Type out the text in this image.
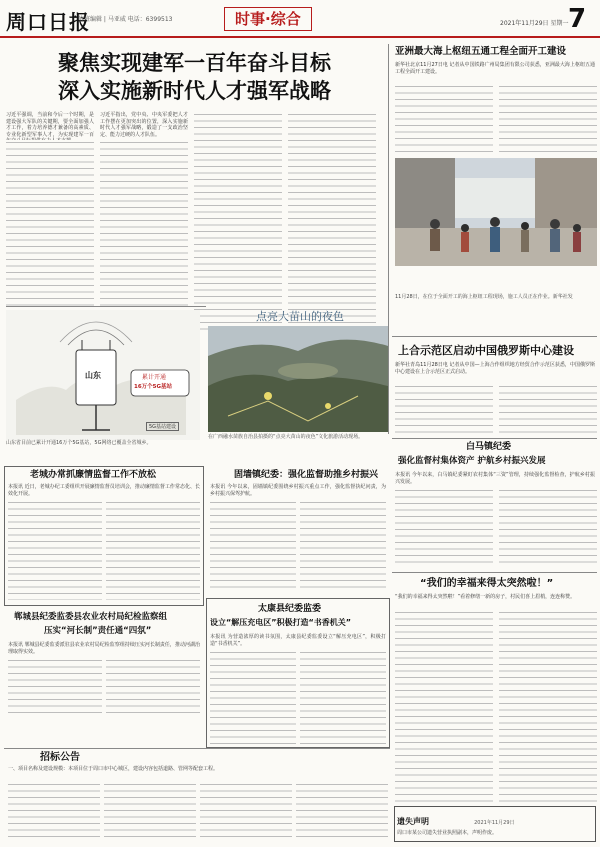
周口日报
值班编辑 | 马亚威 电话：6399513	时事·综合	2021年11月29日 星期一 7
聚焦实现建军一百年奋斗目标
深入实施新时代人才强军战略
习近平强调，当前和今后一个时期，是建设强大军队的关键期，要全面加强人才工作，着力培养德才兼备的高素质、专业化新型军事人才，为实现建军一百
习近平指出，党中央、中央军委把人才工作摆在更加突出的位置，深入实施新时代人才强军战略，锻造了一支政治坚定、能力过硬的人才队伍。
亚洲最大海上枢纽五通工程全面开工建设
新华社北京11月27日电 记者从中国铁路广州局集团有限公司获悉，亚洲最大海上枢纽五通工程全面开工建设。
11月28日，在位于全面开工的海上枢纽工程现场，施工人员正在作业。新华社发
山东	累计开通
16万个5G基站
5G基站建设
山东省目前已累计开通16万个5G基站，5G网络已覆盖全省城乡。
点亮大苗山的夜色
在广西融水苗族自治县拍摄的“点亮大苗山的夜色”文化旅游活动现场。
上合示范区启动中国俄罗斯中心建设
新华社青岛11月28日电 记者从中国—上海合作组织地方经贸合作示范区获悉，中国俄罗斯中心建设在上合示范区正式启动。
白马镇纪委
强化监督村集体资产 护航乡村振兴发展
本报讯 今年以来，白马镇纪委紧盯农村集体“三资”管理，持续强化监督检查，护航乡村振兴发展。
老城办常抓廉情监督工作不放松
本报讯 近日，老城办纪工委组织开展廉情监督员培训会，推动廉情监督工作常态化、长效化开展。
固墙镇纪委：强化监督助推乡村振兴
本报讯 今年以来，固墙镇纪委围绕乡村振兴重点工作，强化监督执纪问责，为乡村振兴保驾护航。
郸城县纪委监委县农业农村局纪检监察组
压实“河长制”责任通“四氛”
本报讯 郸城县纪委监委派驻县农业农村局纪检监察组持续压实河长制责任，推动河湖治理取得实效。
太康县纪委监委
设立“解压充电区”积极打造“书香机关”
本报讯 为营造浓厚的读书氛围，太康县纪委监委设立“解压充电区”，积极打造“书香机关”。
“我们的幸福来得太突然啦！”
“我们的幸福来得太突然啦！”看着修缮一新的房子，村民们喜上眉梢，连连称赞。
招标公告
一、项目名称及建设规模：本项目位于周口市中心城区，建设内容包括道路、管网等配套工程。
遗失声明	2021年11月29日
周口市某公司遗失营业执照副本，声明作废。
